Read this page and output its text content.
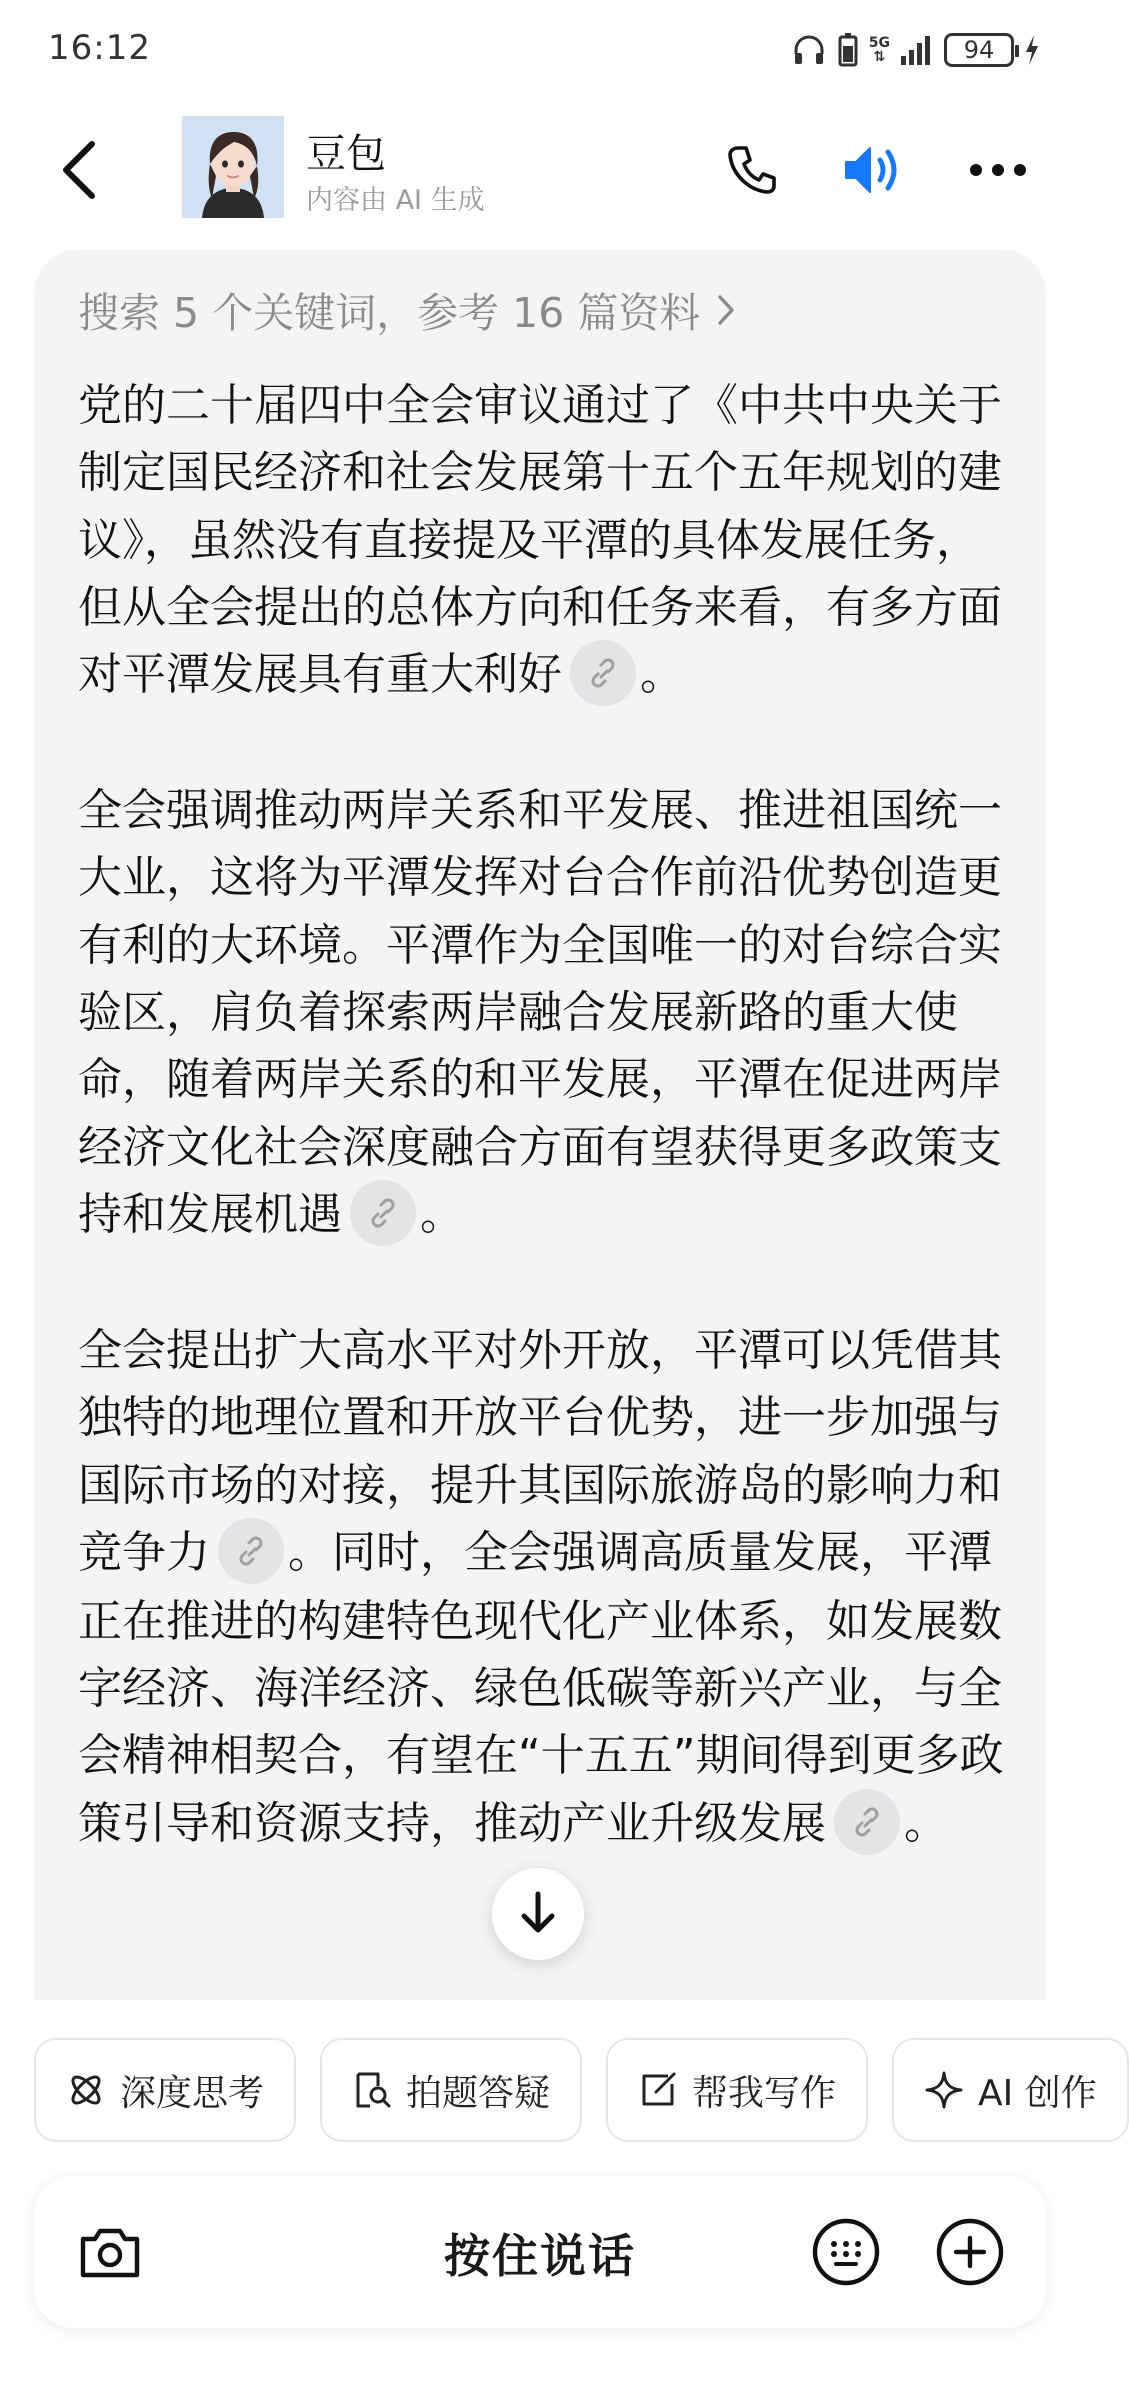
16:12	5G
⇅	94
豆包
内容由 AI 生成
搜索 5 个关键词，参考 16 篇资料

党的二十届四中全会审议通过了《中共中央关于制定国民经济和社会发展第十五个五年规划的建议》，虽然没有直接提及平潭的具体发展任务，但从全会提出的总体方向和任务来看，有多方面对平潭发展具有重大利好 。

全会强调推动两岸关系和平发展、推进祖国统一大业，这将为平潭发挥对台合作前沿优势创造更有利的大环境。平潭作为全国唯一的对台综合实验区，肩负着探索两岸融合发展新路的重大使命，随着两岸关系的和平发展，平潭在促进两岸经济文化社会深度融合方面有望获得更多政策支持和发展机遇 。

全会提出扩大高水平对外开放，平潭可以凭借其独特的地理位置和开放平台优势，进一步加强与国际市场的对接，提升其国际旅游岛的影响力和竞争力 。同时，全会强调高质量发展，平潭正在推进的构建特色现代化产业体系，如发展数字经济、海洋经济、绿色低碳等新兴产业，与全会精神相契合，有望在“十五五”期间得到更多政策引导和资源支持，推动产业升级发展 。

深度思考	拍题答疑	帮我写作	AI 创作
按住说话
